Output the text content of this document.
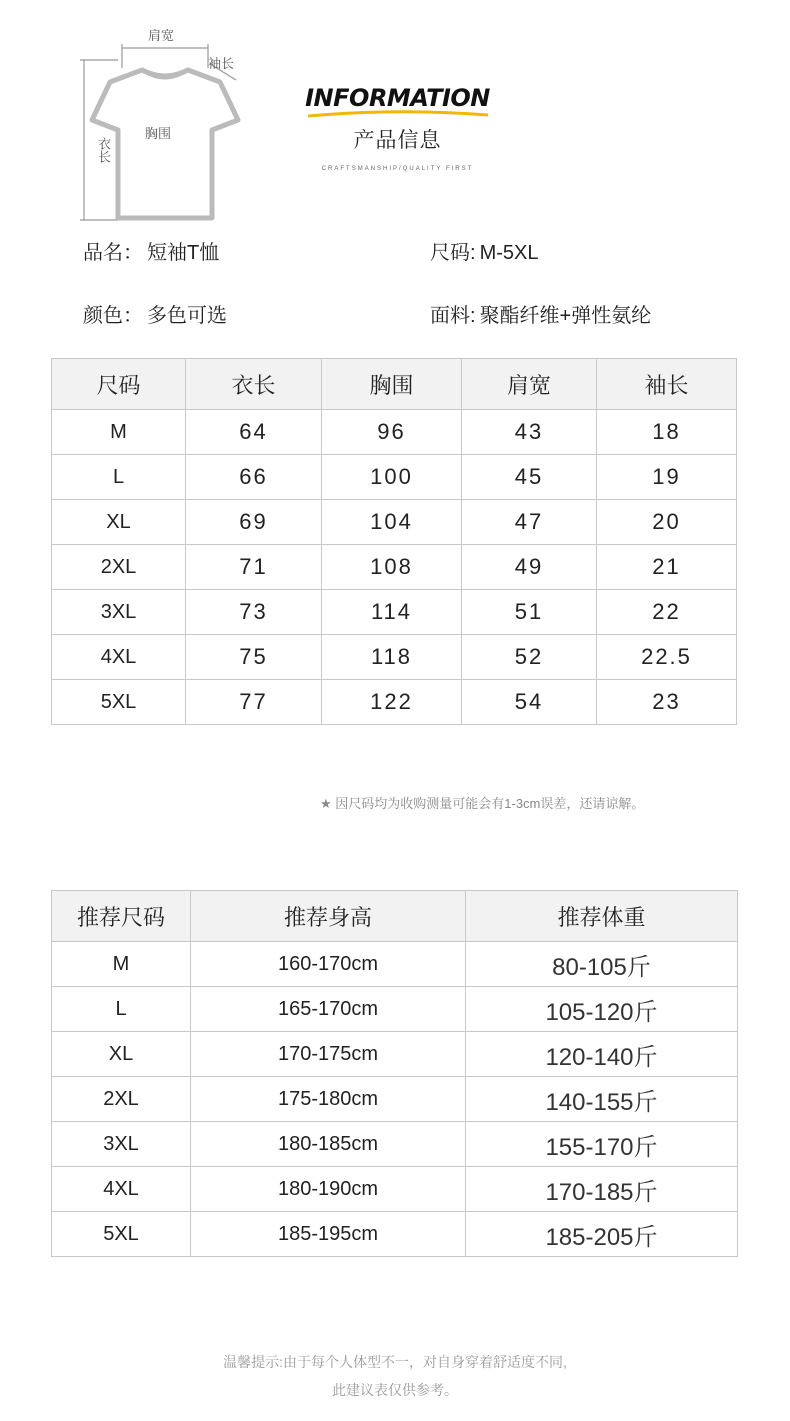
肩宽
袖长
胸围
衣长
INFORMATION
产品信息
CRAFTSMANSHIP/QUALITY FIRST
品名： 短袖T恤	尺码: M-5XL
颜色： 多色可选	面料: 聚酯纤维+弹性氨纶
尺码	衣长	胸围	肩宽	袖长
M	64	96	43	18
L	66	100	45	19
XL	69	104	47	20
2XL	71	108	49	21
3XL	73	114	51	22
4XL	75	118	52	22.5
5XL	77	122	54	23
★ 因尺码均为收购测量可能会有1-3cm误差，还请谅解。
推荐尺码	推荐身高	推荐体重
M	160-170cm	80-105斤
L	165-170cm	105-120斤
XL	170-175cm	120-140斤
2XL	175-180cm	140-155斤
3XL	180-185cm	155-170斤
4XL	180-190cm	170-185斤
5XL	185-195cm	185-205斤
温馨提示:由于每个人体型不一，对自身穿着舒适度不同,
此建议表仅供参考。
